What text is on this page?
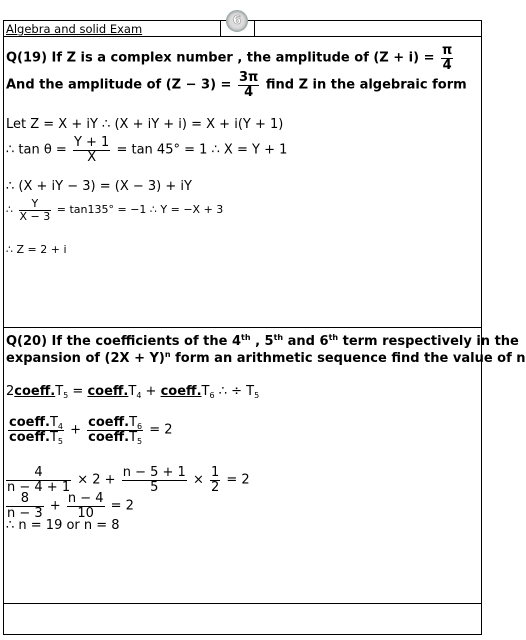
Algebra and solid Exam
6
Q(19) If Z is a complex number , the amplitude of $(Z + i) = \frac{\pi}{4}$
And the amplitude of $(Z - 3) = \frac{3\pi}{4}$ find Z in the algebraic form
Let Z = X + iY ∴ (X + iY + i) = X + i(Y + 1)
∴ $\tan \theta = \frac{Y + 1}{X} = \tan 45^\circ = 1$ ∴ X = Y + 1
∴ (X + iY − 3) = (X − 3) + iY
∴ $\frac{Y}{X - 3} = \tan 135^\circ = -1$ ∴ Y = −X + 3
∴ Z = 2 + i
Q(20) If the coefficients of the 4th , 5th and 6th term respectively in the
expansion of $(2X + Y)^n$ form an arithmetic sequence find the value of n
$2coeff.T_5$ = $coeff.T_4$ + $coeff.T_6$ ∴ ÷ $T_5$
$\frac{coeff.T_4}{coeff.T_5} + \frac{coeff.T_6}{coeff.T_5} = 2$
$\frac{4}{n - 4 + 1} \times 2 + \frac{n - 5 + 1}{5} \times \frac{1}{2} = 2$
$\frac{8}{n - 3} + \frac{n - 4}{10} = 2$
∴ n = 19 or n = 8
